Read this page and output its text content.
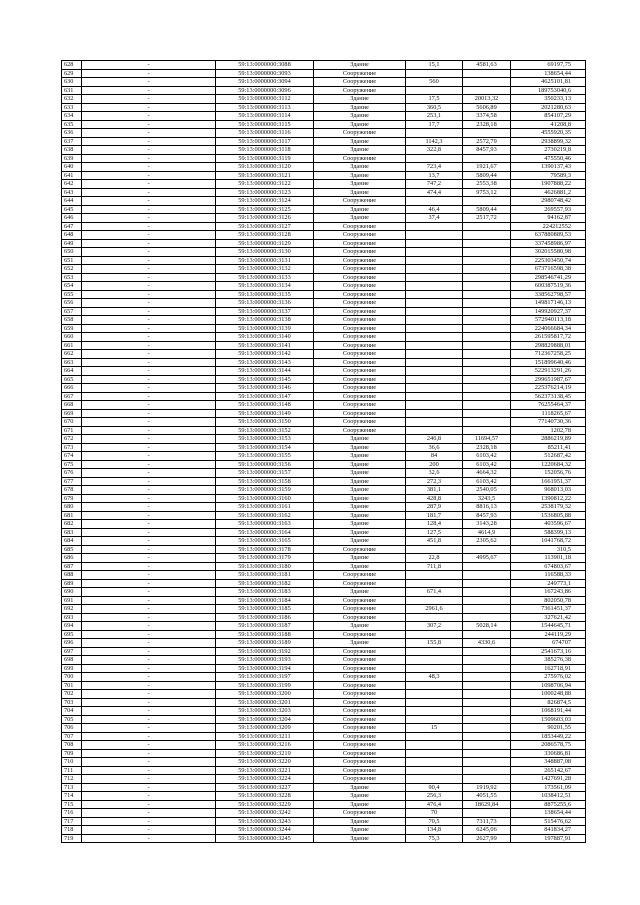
628	-	59:13:0000000:3088	Здание	15,1	4581,63	69197,75
629	-	59:13:0000000:3093	Сооружение			138654,44
630	-	59:13:0000000:3094	Сооружение	560		4625101,81
631	-	59:13:0000000:3096	Сооружение			189753040,6
632	-	59:13:0000000:3112	Здание	17,5	20013,32	350233,13
633	-	59:13:0000000:3113	Здание	360,5	5606,89	2021280,63
634	-	59:13:0000000:3114	Здание	253,1	3374,58	854107,29
635	-	59:13:0000000:3115	Здание	17,7	2328,18	41208,8
636	-	59:13:0000000:3116	Сооружение			4555920,35
637	-	59:13:0000000:3117	Здание	1142,3	2572,79	2938899,32
638	-	59:13:0000000:3118	Здание	322,8	8457,93	2730219,8
639	-	59:13:0000000:3119	Сооружение			475550,46
640	-	59:13:0000000:3120	Здание	723,4	1921,67	1390137,43
641	-	59:13:0000000:3121	Здание	13,7	5809,44	79589,3
642	-	59:13:0000000:3122	Здание	747,2	2553,38	1907888,22
643	-	59:13:0000000:3123	Здание	474,4	9753,12	4626881,2
644	-	59:13:0000000:3124	Сооружение			2980748,42
645	-	59:13:0000000:3125	Здание	46,4	5809,44	269557,93
646	-	59:13:0000000:3126	Здание	37,4	2517,72	94162,87
647	-	59:13:0000000:3127	Сооружение			224212552
648	-	59:13:0000000:3128	Сооружение			637880889,53
649	-	59:13:0000000:3129	Сооружение			337458986,97
650	-	59:13:0000000:3130	Сооружение			302015580,98
651	-	59:13:0000000:3131	Сооружение			225303450,74
652	-	59:13:0000000:3132	Сооружение			673716598,38
653	-	59:13:0000000:3133	Сооружение			298546741,29
654	-	59:13:0000000:3134	Сооружение			600387519,36
655	-	59:13:0000000:3135	Сооружение			338562798,57
656	-	59:13:0000000:3136	Сооружение			149817146,13
657	-	59:13:0000000:3137	Сооружение			149920927,37
658	-	59:13:0000000:3138	Сооружение			572940113,18
659	-	59:13:0000000:3139	Сооружение			224066684,34
660	-	59:13:0000000:3140	Сооружение			261595817,72
661	-	59:13:0000000:3141	Сооружение			298829888,01
662	-	59:13:0000000:3142	Сооружение			712367258,25
663	-	59:13:0000000:3143	Сооружение			151899640,46
664	-	59:13:0000000:3144	Сооружение			522913291,26
665	-	59:13:0000000:3145	Сооружение			299651987,67
666	-	59:13:0000000:3146	Сооружение			225376214,19
667	-	59:13:0000000:3147	Сооружение			562373138,45
668	-	59:13:0000000:3148	Сооружение			76255464,37
669	-	59:13:0000000:3149	Сооружение			1118265,67
670	-	59:13:0000000:3150	Сооружение			77140730,36
671	-	59:13:0000000:3152	Сооружение			1202,78
672	-	59:13:0000000:3153	Здание	246,8	11694,57	2886219,89
673	-	59:13:0000000:3154	Здание	36,6	2328,18	85211,41
674	-	59:13:0000000:3155	Здание	84	6103,42	512687,42
675	-	59:13:0000000:3156	Здание	200	6103,42	1220684,32
676	-	59:13:0000000:3157	Здание	32,6	4664,32	152056,76
677	-	59:13:0000000:3158	Здание	272,3	6103,42	1661951,37
678	-	59:13:0000000:3159	Здание	381,1	2540,05	968013,03
679	-	59:13:0000000:3160	Здание	428,8	3243,5	1390812,22
680	-	59:13:0000000:3161	Здание	287,9	8816,13	2538179,32
681	-	59:13:0000000:3162	Здание	181,7	8457,93	1536805,88
682	-	59:13:0000000:3163	Здание	128,4	3143,28	403596,67
683	-	59:13:0000000:3164	Здание	127,5	4614,9	588399,13
684	-	59:13:0000000:3165	Здание	451,8	2305,62	1041768,72
685	-	59:13:0000000:3178	Сооружение			310,5
686	-	59:13:0000000:3179	Здание	22,8	4995,67	113901,18
687	-	59:13:0000000:3180	Здание	711,8		674803,67
688	-	59:13:0000000:3181	Сооружение			116588,33
689	-	59:13:0000000:3182	Сооружение			249773,1
690	-	59:13:0000000:3183	Здание	671,4		167243,86
691	-	59:13:0000000:3184	Сооружение			802050,78
692	-	59:13:0000000:3185	Сооружение	2961,6		7361451,37
693	-	59:13:0000000:3186	Сооружение			327621,42
694	-	59:13:0000000:3187	Здание	307,2	5028,14	1544645,71
695	-	59:13:0000000:3188	Сооружение			244119,29
696	-	59:13:0000000:3189	Здание	155,8	4330,6	674707
697	-	59:13:0000000:3192	Сооружение			2541673,16
698	-	59:13:0000000:3193	Сооружение			385276,38
699	-	59:13:0000000:3194	Сооружение			162718,91
700	-	59:13:0000000:3197	Сооружение	48,3		275976,02
701	-	59:13:0000000:3199	Сооружение			1098706,94
702	-	59:13:0000000:3200	Сооружение			1000248,88
703	-	59:13:0000000:3201	Сооружение			826874,5
704	-	59:13:0000000:3203	Сооружение			1068191,44
705	-	59:13:0000000:3204	Сооружение			1509603,03
706	-	59:13:0000000:3209	Сооружение	15		90201,55
707	-	59:13:0000000:3211	Сооружение			1853449,22
708	-	59:13:0000000:3216	Сооружение			2086578,75
709	-	59:13:0000000:3219	Сооружение			330686,81
710	-	59:13:0000000:3220	Сооружение			348887,08
711	-	59:13:0000000:3221	Сооружение			265142,67
712	-	59:13:0000000:3224	Сооружение			1427691,28
713	-	59:13:0000000:3227	Здание	90,4	1919,92	173561,09
714	-	59:13:0000000:3228	Здание	256,3	4051,55	1038412,51
715	-	59:13:0000000:3229	Здание	476,4	18629,84	8875255,6
716	-	59:13:0000000:3242	Сооружение	70		138654,44
717	-	59:13:0000000:3243	Здание	70,5	7311,73	515476,62
718	-	59:13:0000000:3244	Здание	134,8	6245,06	841834,27
719	-	59:13:0000000:3245	Здание	75,3	2627,99	197887,91
